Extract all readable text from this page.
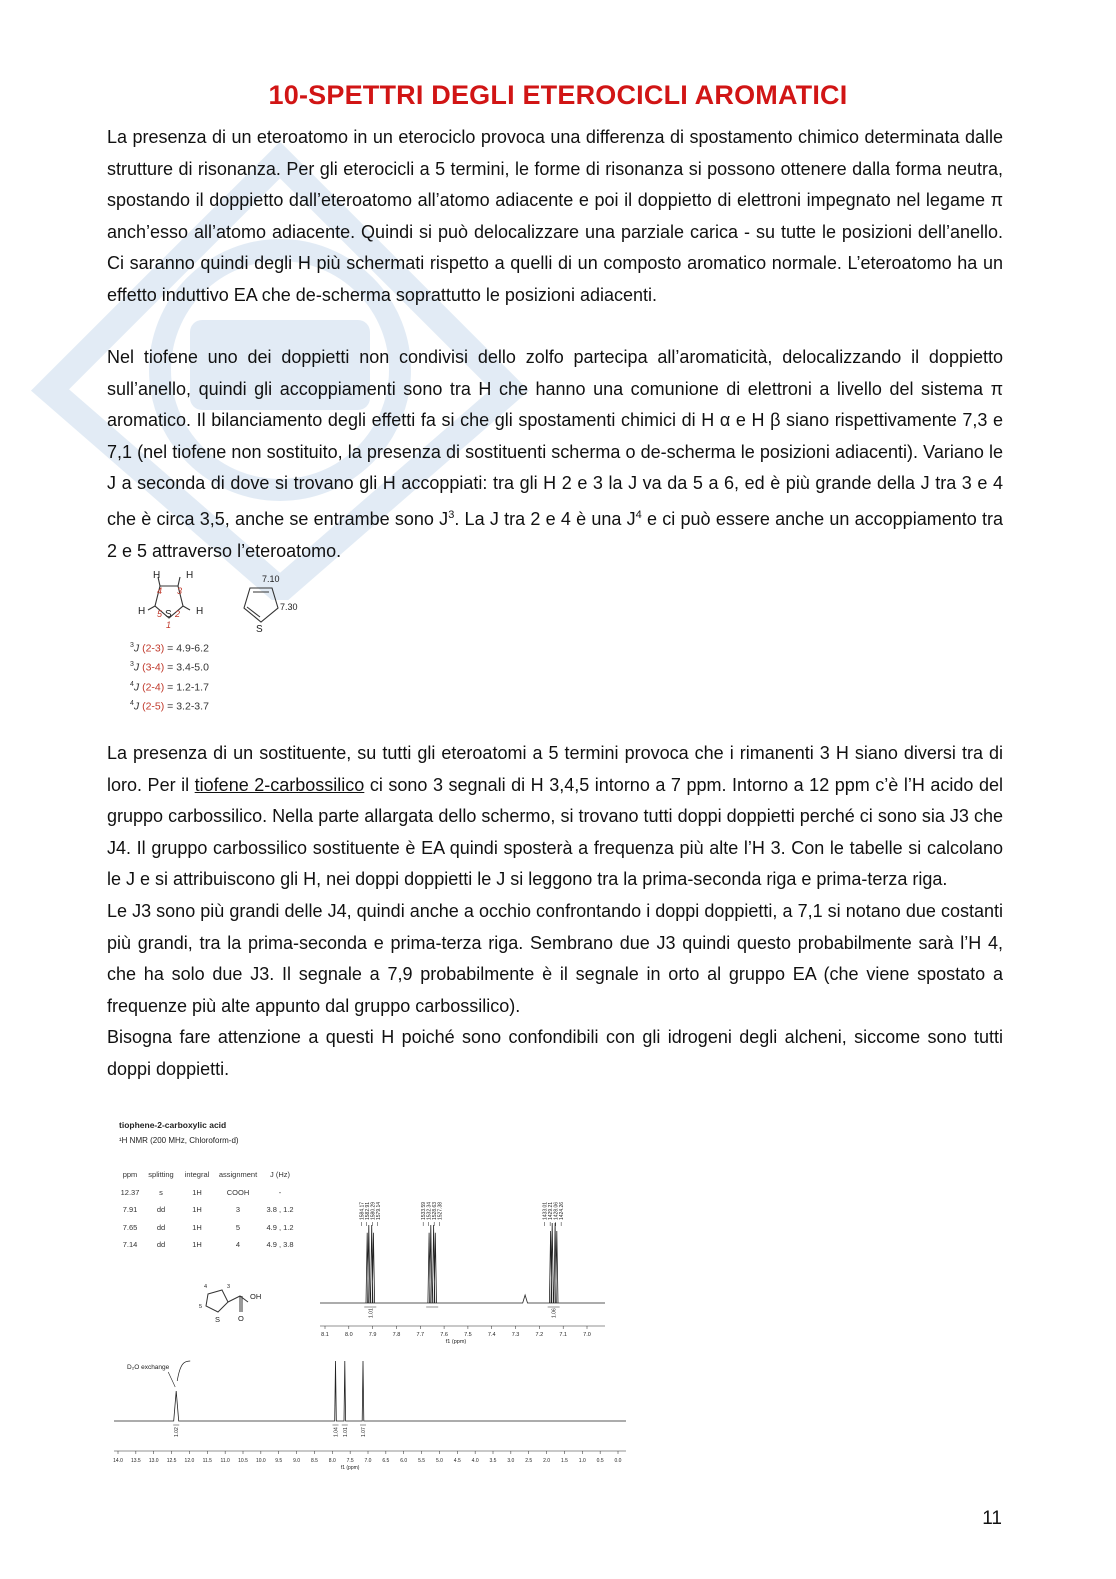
10-SPETTRI DEGLI ETEROCICLI AROMATICI

La presenza di un eteroatomo in un eterociclo provoca una differenza di spostamento chimico determinata dalle strutture di risonanza. Per gli eterocicli a 5 termini, le forme di risonanza si possono ottenere dalla forma neutra, spostando il doppietto dall’eteroatomo all’atomo adiacente e poi il doppietto di elettroni impegnato nel legame π anch’esso all’atomo adiacente. Quindi si può delocalizzare una parziale carica - su tutte le posizioni dell’anello. Ci saranno quindi degli H più schermati rispetto a quelli di un composto aromatico normale. L’eteroatomo ha un effetto induttivo EA che de-scherma soprattutto le posizioni adiacenti.

Nel tiofene uno dei doppietti non condivisi dello zolfo partecipa all’aromaticità, delocalizzando il doppietto sull’anello, quindi gli accoppiamenti sono tra H che hanno una comunione di elettroni a livello del sistema π aromatico. Il bilanciamento degli effetti fa si che gli spostamenti chimici di H α e H β siano rispettivamente 7,3 e 7,1 (nel tiofene non sostituito, la presenza di sostituenti scherma o de-scherma le posizioni adiacenti). Variano le J a seconda di dove si trovano gli H accoppiati: tra gli H 2 e 3 la J va da 5 a 6, ed è più grande della J tra 3 e 4 che è circa 3,5, anche se entrambe sono $J^3$. La J tra 2 e 4 è una $J^4$ e ci può essere anche un accoppiamento tra 2 e 5 attraverso l’eteroatomo.

H	H
H	H
S
S
7.10
7.30
4 3
5 2
1
$^3$J (2-3) = 4.9-6.2
$^3$J (3-4) = 3.4-5.0
$^4$J (2-4) = 1.2-1.7
$^4$J (2-5) = 3.2-3.7

La presenza di un sostituente, su tutti gli eteroatomi a 5 termini provoca che i rimanenti 3 H siano diversi tra di loro. Per il tiofene 2-carbossilico ci sono 3 segnali di H 3,4,5 intorno a 7 ppm. Intorno a 12 ppm c’è l’H acido del gruppo carbossilico. Nella parte allargata dello schermo, si trovano tutti doppi doppietti perché ci sono sia J3 che J4. Il gruppo carbossilico sostituente è EA quindi sposterà a frequenza più alte l’H 3. Con le tabelle si calcolano le J e si attribuiscono gli H, nei doppi doppietti le J si leggono tra la prima-seconda riga e prima-terza riga.

Le J3 sono più grandi delle J4, quindi anche a occhio confrontando i doppi doppietti, a 7,1 si notano due costanti più grandi, tra la prima-seconda e prima-terza riga. Sembrano due J3 quindi questo probabilmente sarà l’H 4, che ha solo due J3. Il segnale a 7,9 probabilmente è il segnale in orto al gruppo EA (che viene spostato a frequenze più alte appunto dal gruppo carbossilico).

Bisogna fare attenzione a questi H poiché sono confondibili con gli idrogeni degli alcheni, siccome sono tutti doppi doppietti.

tiophene-2-carboxylic acid
¹H NMR (200 MHz, Chloroform-d)
ppm	splitting	integral	assignment	J (Hz)
12.37	s	1H	COOH	-
7.91	dd	1H	3	3.8 , 1.2
7.65	dd	1H	5	4.9 , 1.2
7.14	dd	1H	4	4.9 , 3.8
OH
O
S
5
4	3
1584.17 1582.91 1580.29 1579.14	1533.59 1532.34 1528.63 1527.38	1433.01 1429.21 1428.06 1424.26
1.01	1.06
8.1	8.0	7.9	7.8	7.7	7.6	7.5	7.4	7.3	7.2	7.1	7.0
f1 (ppm)
D₂O exchange
1.02	1.04 1.01 1.07
14.0 13.5 13.0 12.5 12.0 11.5 11.0 10.5 10.0 9.5 9.0 8.5 8.0 7.5 7.0 6.5 6.0 5.5 5.0 4.5 4.0 3.5 3.0 2.5 2.0 1.5 1.0 0.5 0.0
f1 (ppm)
11
